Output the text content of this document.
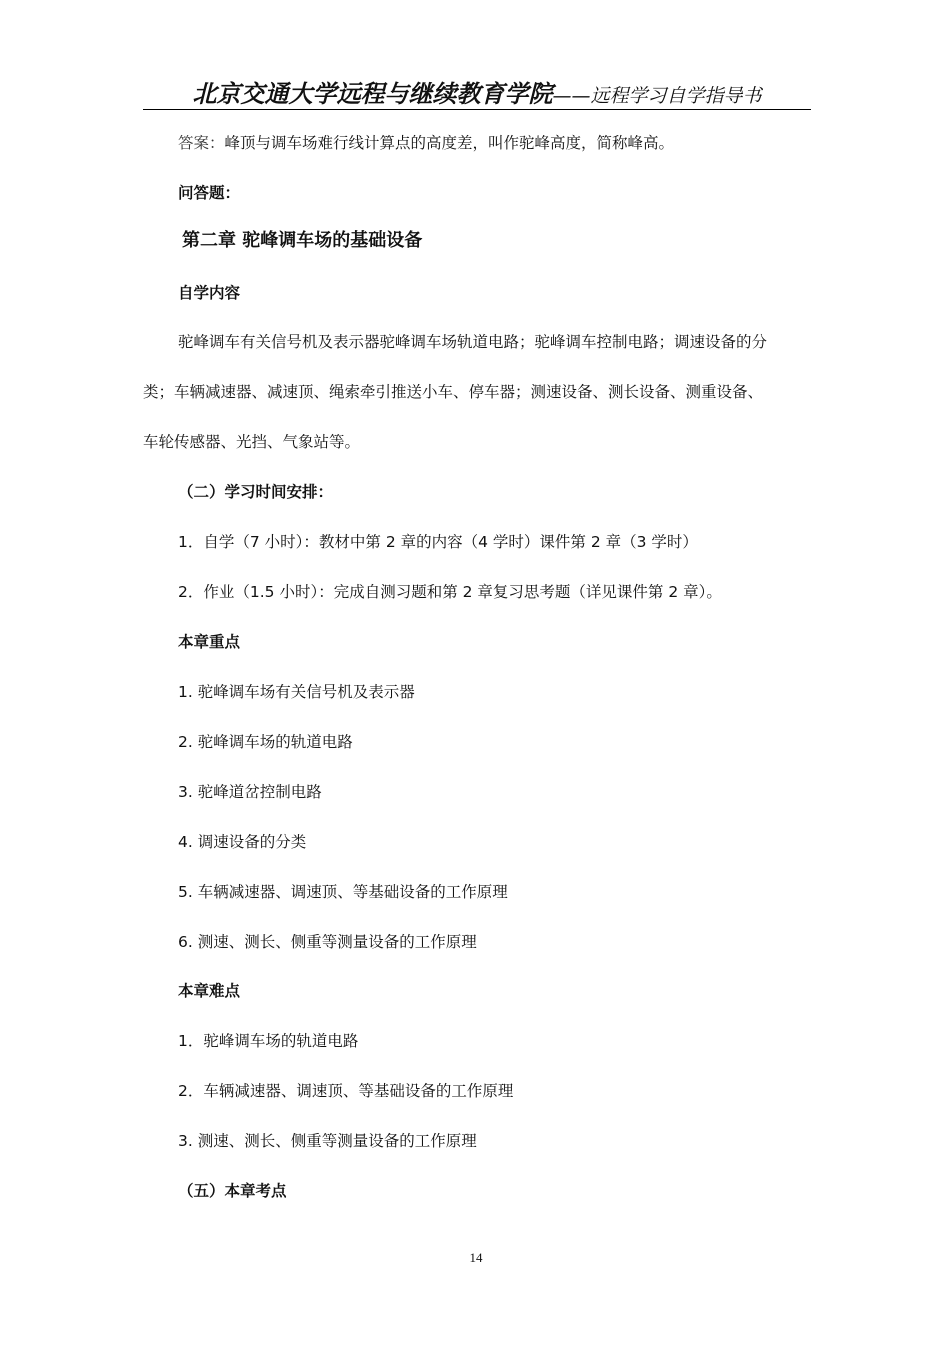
北京交通大学远程与继续教育学院——远程学习自学指导书
答案：峰顶与调车场难行线计算点的高度差，叫作驼峰高度，简称峰高。
问答题：
第二章 驼峰调车场的基础设备
自学内容
驼峰调车有关信号机及表示器驼峰调车场轨道电路；驼峰调车控制电路；调速设备的分
类；车辆减速器、减速顶、绳索牵引推送小车、停车器；测速设备、测长设备、测重设备、
车轮传感器、光挡、气象站等。
（二）学习时间安排：
1．自学（7 小时）：教材中第 2 章的内容（4 学时）课件第 2 章（3 学时）
2．作业（1.5 小时）：完成自测习题和第 2 章复习思考题（详见课件第 2 章）。
本章重点
1. 驼峰调车场有关信号机及表示器
2. 驼峰调车场的轨道电路
3. 驼峰道岔控制电路
4. 调速设备的分类
5. 车辆减速器、调速顶、等基础设备的工作原理
6. 测速、测长、侧重等测量设备的工作原理
本章难点
1．驼峰调车场的轨道电路
2．车辆减速器、调速顶、等基础设备的工作原理
3. 测速、测长、侧重等测量设备的工作原理
（五）本章考点
14
